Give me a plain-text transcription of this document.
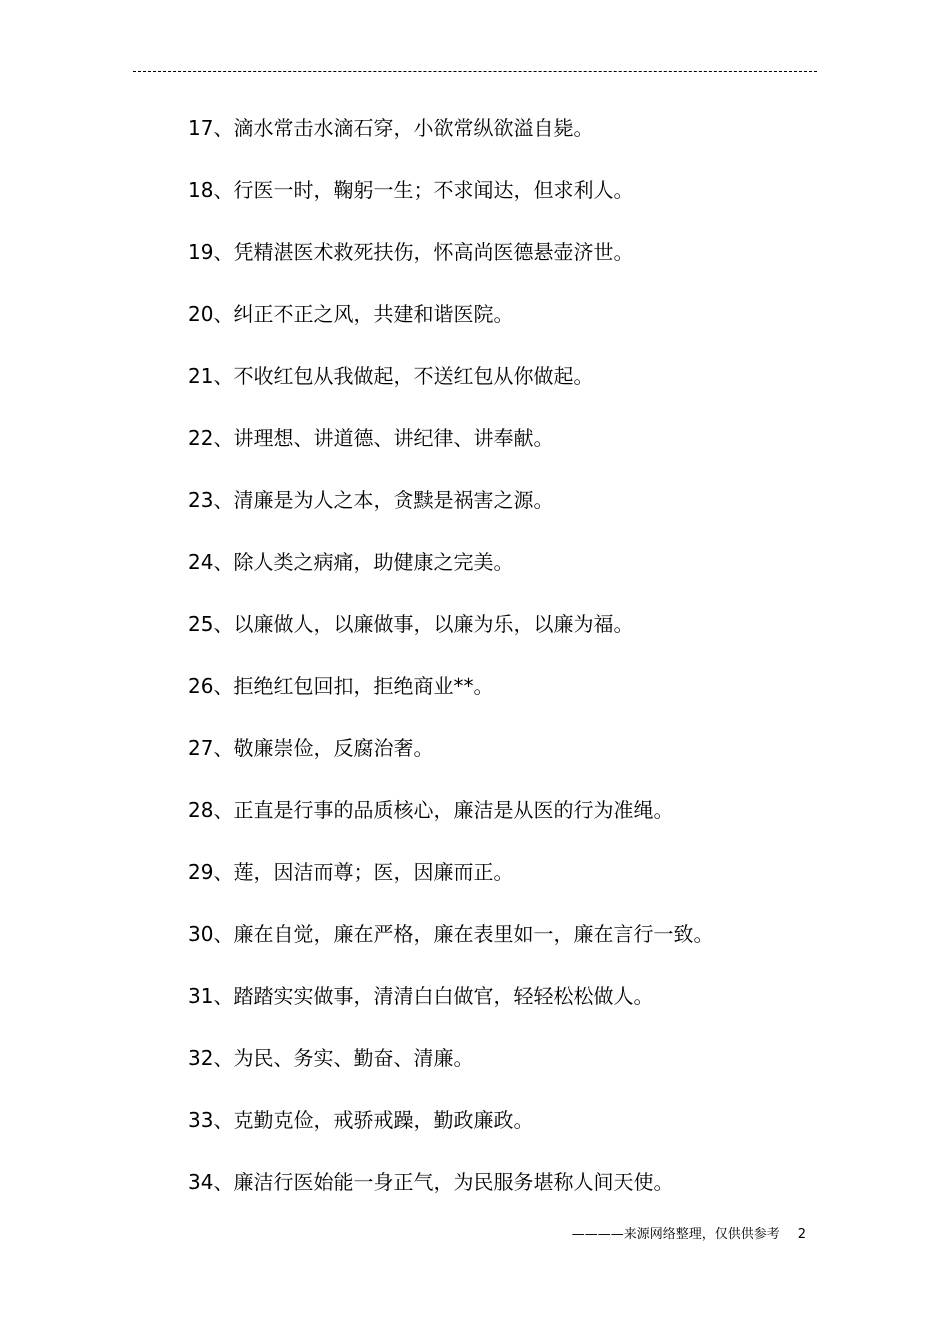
17、滴水常击水滴石穿，小欲常纵欲溢自毙。
18、行医一时，鞠躬一生；不求闻达，但求利人。
19、凭精湛医术救死扶伤，怀高尚医德悬壶济世。
20、纠正不正之风，共建和谐医院。
21、不收红包从我做起，不送红包从你做起。
22、讲理想、讲道德、讲纪律、讲奉献。
23、清廉是为人之本，贪黩是祸害之源。
24、除人类之病痛，助健康之完美。
25、以廉做人，以廉做事，以廉为乐，以廉为福。
26、拒绝红包回扣，拒绝商业**。
27、敬廉崇俭，反腐治奢。
28、正直是行事的品质核心，廉洁是从医的行为准绳。
29、莲，因洁而尊；医，因廉而正。
30、廉在自觉，廉在严格，廉在表里如一，廉在言行一致。
31、踏踏实实做事，清清白白做官，轻轻松松做人。
32、为民、务实、勤奋、清廉。
33、克勤克俭，戒骄戒躁，勤政廉政。
34、廉洁行医始能一身正气，为民服务堪称人间天使。
————来源网络整理，仅供供参考 2
